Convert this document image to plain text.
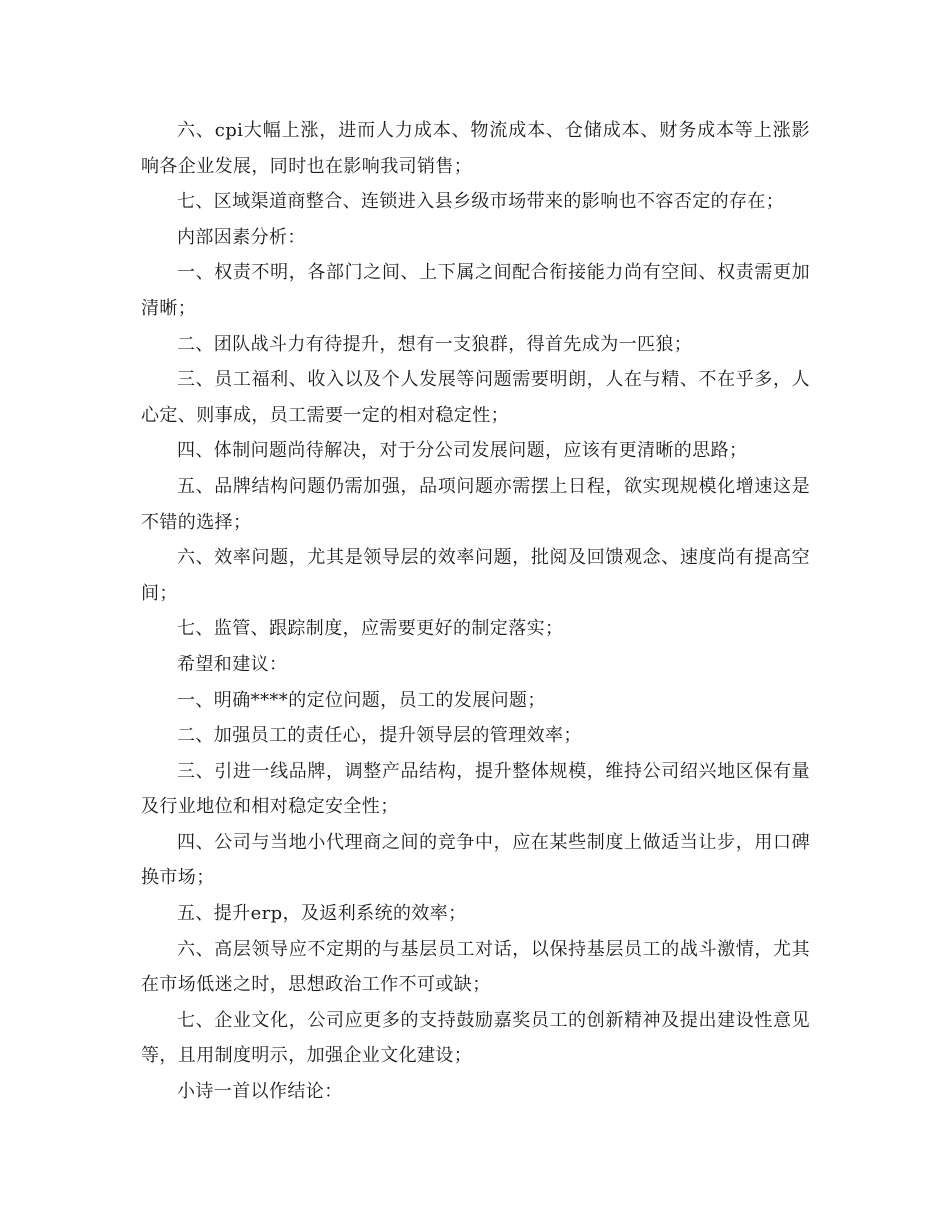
六、cpi大幅上涨，进而人力成本、物流成本、仓储成本、财务成本等上涨影响各企业发展，同时也在影响我司销售；

七、区域渠道商整合、连锁进入县乡级市场带来的影响也不容否定的存在；

内部因素分析：

一、权责不明，各部门之间、上下属之间配合衔接能力尚有空间、权责需更加清晰；

二、团队战斗力有待提升，想有一支狼群，得首先成为一匹狼；

三、员工福利、收入以及个人发展等问题需要明朗，人在与精、不在乎多，人心定、则事成，员工需要一定的相对稳定性；

四、体制问题尚待解决，对于分公司发展问题，应该有更清晰的思路；

五、品牌结构问题仍需加强，品项问题亦需摆上日程，欲实现规模化增速这是不错的选择；

六、效率问题，尤其是领导层的效率问题，批阅及回馈观念、速度尚有提高空间；

七、监管、跟踪制度，应需要更好的制定落实；

希望和建议：

一、明确****的定位问题，员工的发展问题；

二、加强员工的责任心，提升领导层的管理效率；

三、引进一线品牌，调整产品结构，提升整体规模，维持公司绍兴地区保有量及行业地位和相对稳定安全性；

四、公司与当地小代理商之间的竞争中，应在某些制度上做适当让步，用口碑换市场；

五、提升erp，及返利系统的效率；

六、高层领导应不定期的与基层员工对话，以保持基层员工的战斗激情，尤其在市场低迷之时，思想政治工作不可或缺；

七、企业文化，公司应更多的支持鼓励嘉奖员工的创新精神及提出建设性意见等，且用制度明示，加强企业文化建设；

小诗一首以作结论：
